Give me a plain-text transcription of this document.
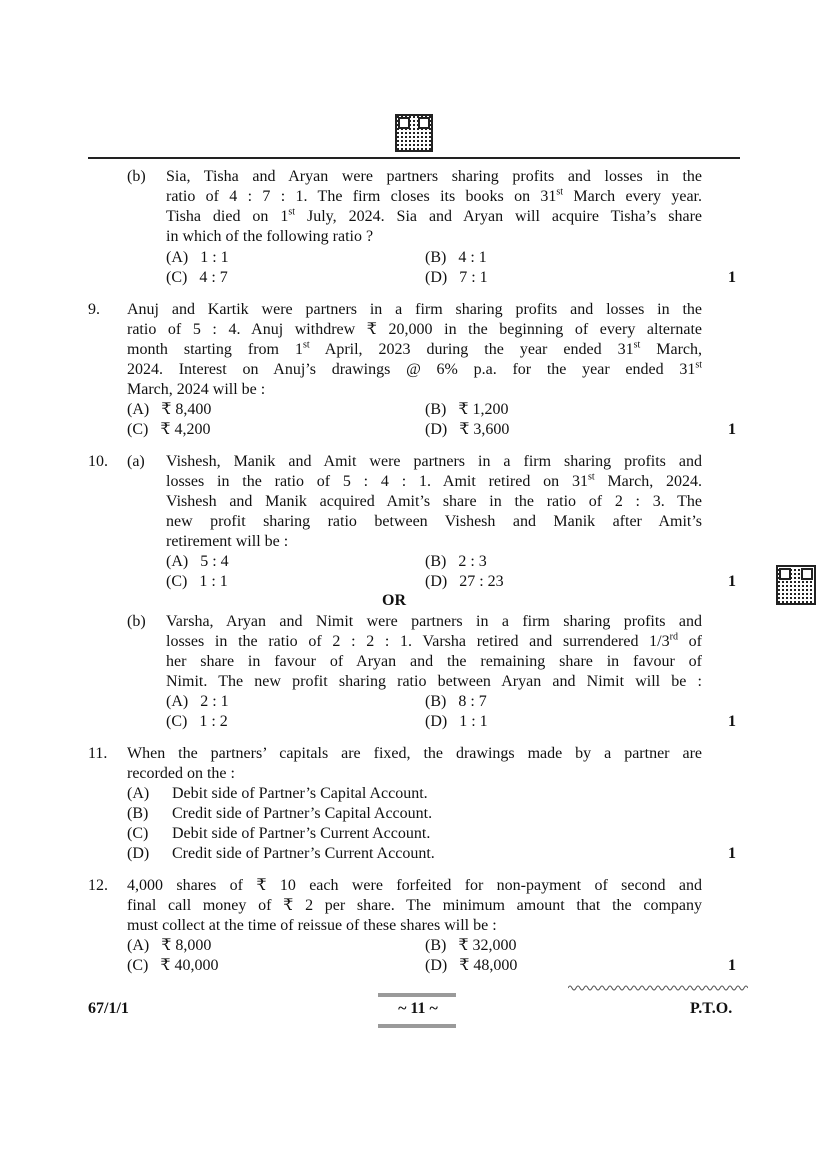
(b) Sia, Tisha and Aryan were partners sharing profits and losses in the
ratio of 4 : 7 : 1. The firm closes its books on 31st March every year.
Tisha died on 1st July, 2024. Sia and Aryan will acquire Tisha’s share
in which of the following ratio ?
(A) 1 : 1	(B) 4 : 1
(C) 4 : 7	(D) 7 : 1	1
9. Anuj and Kartik were partners in a firm sharing profits and losses in the
ratio of 5 : 4. Anuj withdrew ₹ 20,000 in the beginning of every alternate
month starting from 1st April, 2023 during the year ended 31st March,
2024. Interest on Anuj’s drawings @ 6% p.a. for the year ended 31st
March, 2024 will be :
(A) ₹ 8,400	(B) ₹ 1,200
(C) ₹ 4,200	(D) ₹ 3,600	1
10. (a) Vishesh, Manik and Amit were partners in a firm sharing profits and
losses in the ratio of 5 : 4 : 1. Amit retired on 31st March, 2024.
Vishesh and Manik acquired Amit’s share in the ratio of 2 : 3. The
new profit sharing ratio between Vishesh and Manik after Amit’s
retirement will be :
(A) 5 : 4	(B) 2 : 3
(C) 1 : 1	(D) 27 : 23	1
OR
(b) Varsha, Aryan and Nimit were partners in a firm sharing profits and
losses in the ratio of 2 : 2 : 1. Varsha retired and surrendered 1/3rd of
her share in favour of Aryan and the remaining share in favour of
Nimit. The new profit sharing ratio between Aryan and Nimit will be :
(A) 2 : 1	(B) 8 : 7
(C) 1 : 2	(D) 1 : 1	1
11. When the partners’ capitals are fixed, the drawings made by a partner are
recorded on the :
(A) Debit side of Partner’s Capital Account.
(B) Credit side of Partner’s Capital Account.
(C) Debit side of Partner’s Current Account.
(D) Credit side of Partner’s Current Account.	1
12. 4,000 shares of ₹ 10 each were forfeited for non-payment of second and
final call money of ₹ 2 per share. The minimum amount that the company
must collect at the time of reissue of these shares will be :
(A) ₹ 8,000	(B) ₹ 32,000
(C) ₹ 40,000	(D) ₹ 48,000	1
67/1/1	~ 11 ~	P.T.O.
